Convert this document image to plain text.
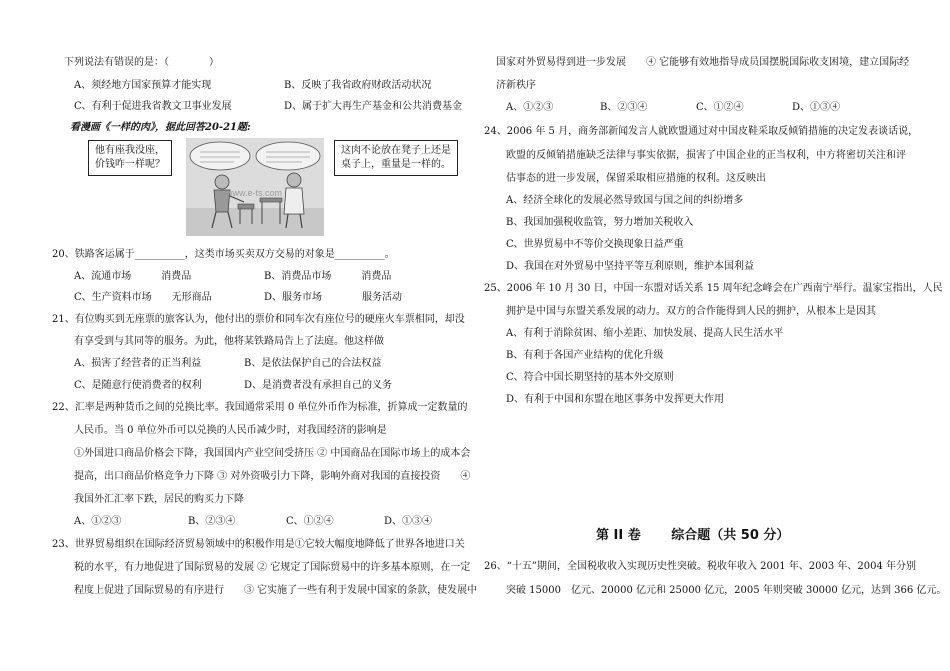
下列说法有错误的是：（　　　　）
A、须经地方国家预算才能实现	B、反映了我省政府财政活动状况
C、有利于促进我省教文卫事业发展	D、属于扩大再生产基金和公共消费基金
看漫画《一样的肉》，据此回答20-21题:
他有座我没座，
价钱咋一样呢？
www.e-ts.com
这肉不论放在凳子上还是
桌子上，重量是一样的。
20、铁路客运属于__________，这类市场买卖双方交易的对象是__________。
A、流通市场　　　消费品	B、消费品市场　　　消费品
C、生产资料市场　　无形商品	D、服务市场　　　　服务活动
21、有位购买到无座票的旅客认为，他付出的票价和同车次有座位号的硬座火车票相同，却没
有享受到与其同等的服务。为此，他将某铁路局告上了法庭。他这样做
A、损害了经营者的正当利益	B、是依法保护自己的合法权益
C、是随意行使消费者的权利	D、是消费者没有承担自己的义务
22、汇率是两种货币之间的兑换比率。我国通常采用 0 单位外币作为标准，折算成一定数量的
人民币。当 0 单位外币可以兑换的人民币减少时，对我国经济的影响是
①外国进口商品价格会下降，我国国内产业空间受挤压 ② 中国商品在国际市场上的成本会
提高，出口商品价格竞争力下降 ③ 对外资吸引力下降，影响外商对我国的直接投资　　④
我国外汇汇率下跌，居民的购买力下降
A、①②③	B、②③④	C、①②④	D、①③④
23、世界贸易组织在国际经济贸易领域中的积极作用是①它较大幅度地降低了世界各地进口关
税的水平，有力地促进了国际贸易的发展 ② 它规定了国际贸易中的许多基本原则，在一定
程度上促进了国际贸易的有序进行　　③ 它实施了一些有利于发展中国家的条款，使发展中
国家对外贸易得到进一步发展　　④ 它能够有效地指导成员国摆脱国际收支困境，建立国际经
济新秩序
A、①②③	B、②③④	C、①②④	D、①③④
24、2006 年 5 月，商务部新闻发言人就欧盟通过对中国皮鞋采取反倾销措施的决定发表谈话说，
欧盟的反倾销措施缺乏法律与事实依据，损害了中国企业的正当权利，中方将密切关注和评
估事态的进一步发展，保留采取相应措施的权利。这反映出
A、经济全球化的发展必然导致国与国之间的纠纷增多
B、我国加强税收监管，努力增加关税收入
C、世界贸易中不等价交换现象日益严重
D、我国在对外贸易中坚持平等互利原则，维护本国利益
25、2006 年 10 月 30 日，中国一东盟对话关系 15 周年纪念峰会在广西南宁举行。温家宝指出，人民
拥护是中国与东盟关系发展的动力。双方的合作能得到人民的拥护，从根本上是因其
A、有利于消除贫困、缩小差距、加快发展、提高人民生活水平
B、有利于各国产业结构的优化升级
C、符合中国长期坚持的基本外交原则
D、有利于中国和东盟在地区事务中发挥更大作用
第 II 卷　　 综合题（共 50 分）
26、“十五”期间，全国税收收入实现历史性突破。税收年收入 2001 年、2003 年、2004 年分别
突破 15000　亿元、20000 亿元和 25000 亿元，2005 年则突破 30000 亿元，达到 366 亿元。
